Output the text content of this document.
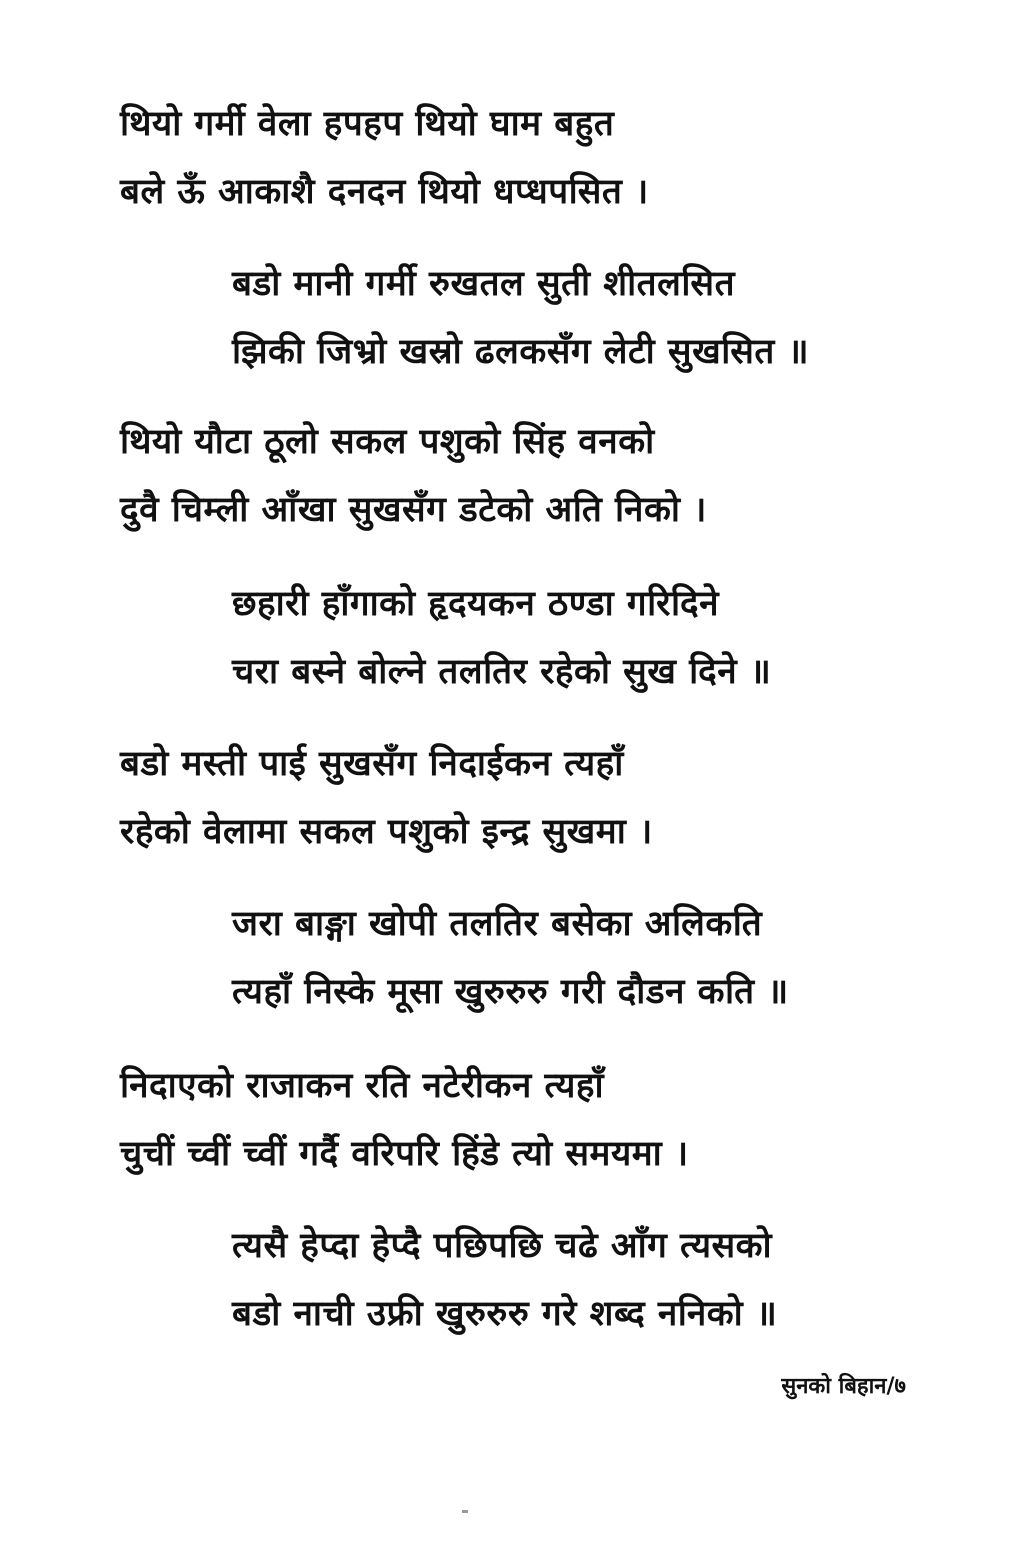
थियो गर्मी वेला हपहप थियो घाम बहुत
बले ऊँ आकाशै दनदन थियो धप्धपसित ।
बडो मानी गर्मी रुखतल सुती शीतलसित
झिकी जिभ्रो खस्रो ढलकसँग लेटी सुखसित ॥
थियो यौटा ठूलो सकल पशुको सिंह वनको
दुवै चिम्ली आँखा सुखसँग डटेको अति निको ।
छहारी हाँगाको हृदयकन ठण्डा गरिदिने
चरा बस्ने बोल्ने तलतिर रहेको सुख दिने ॥
बडो मस्ती पाई सुखसँग निदाईकन त्यहाँ
रहेको वेलामा सकल पशुको इन्द्र सुखमा ।
जरा बाङ्गा खोपी तलतिर बसेका अलिकति
त्यहाँ निस्के मूसा खुरुरुरु गरी दौडन कति ॥
निदाएको राजाकन रति नटेरीकन त्यहाँ
चुचीं च्वीं च्वीं गर्दै वरिपरि हिंडे त्यो समयमा ।
त्यसै हेप्दा हेप्दै पछिपछि चढे आँग त्यसको
बडो नाची उफ्री खुरुरुरु गरे शब्द ननिको ॥
सुनको बिहान/७
